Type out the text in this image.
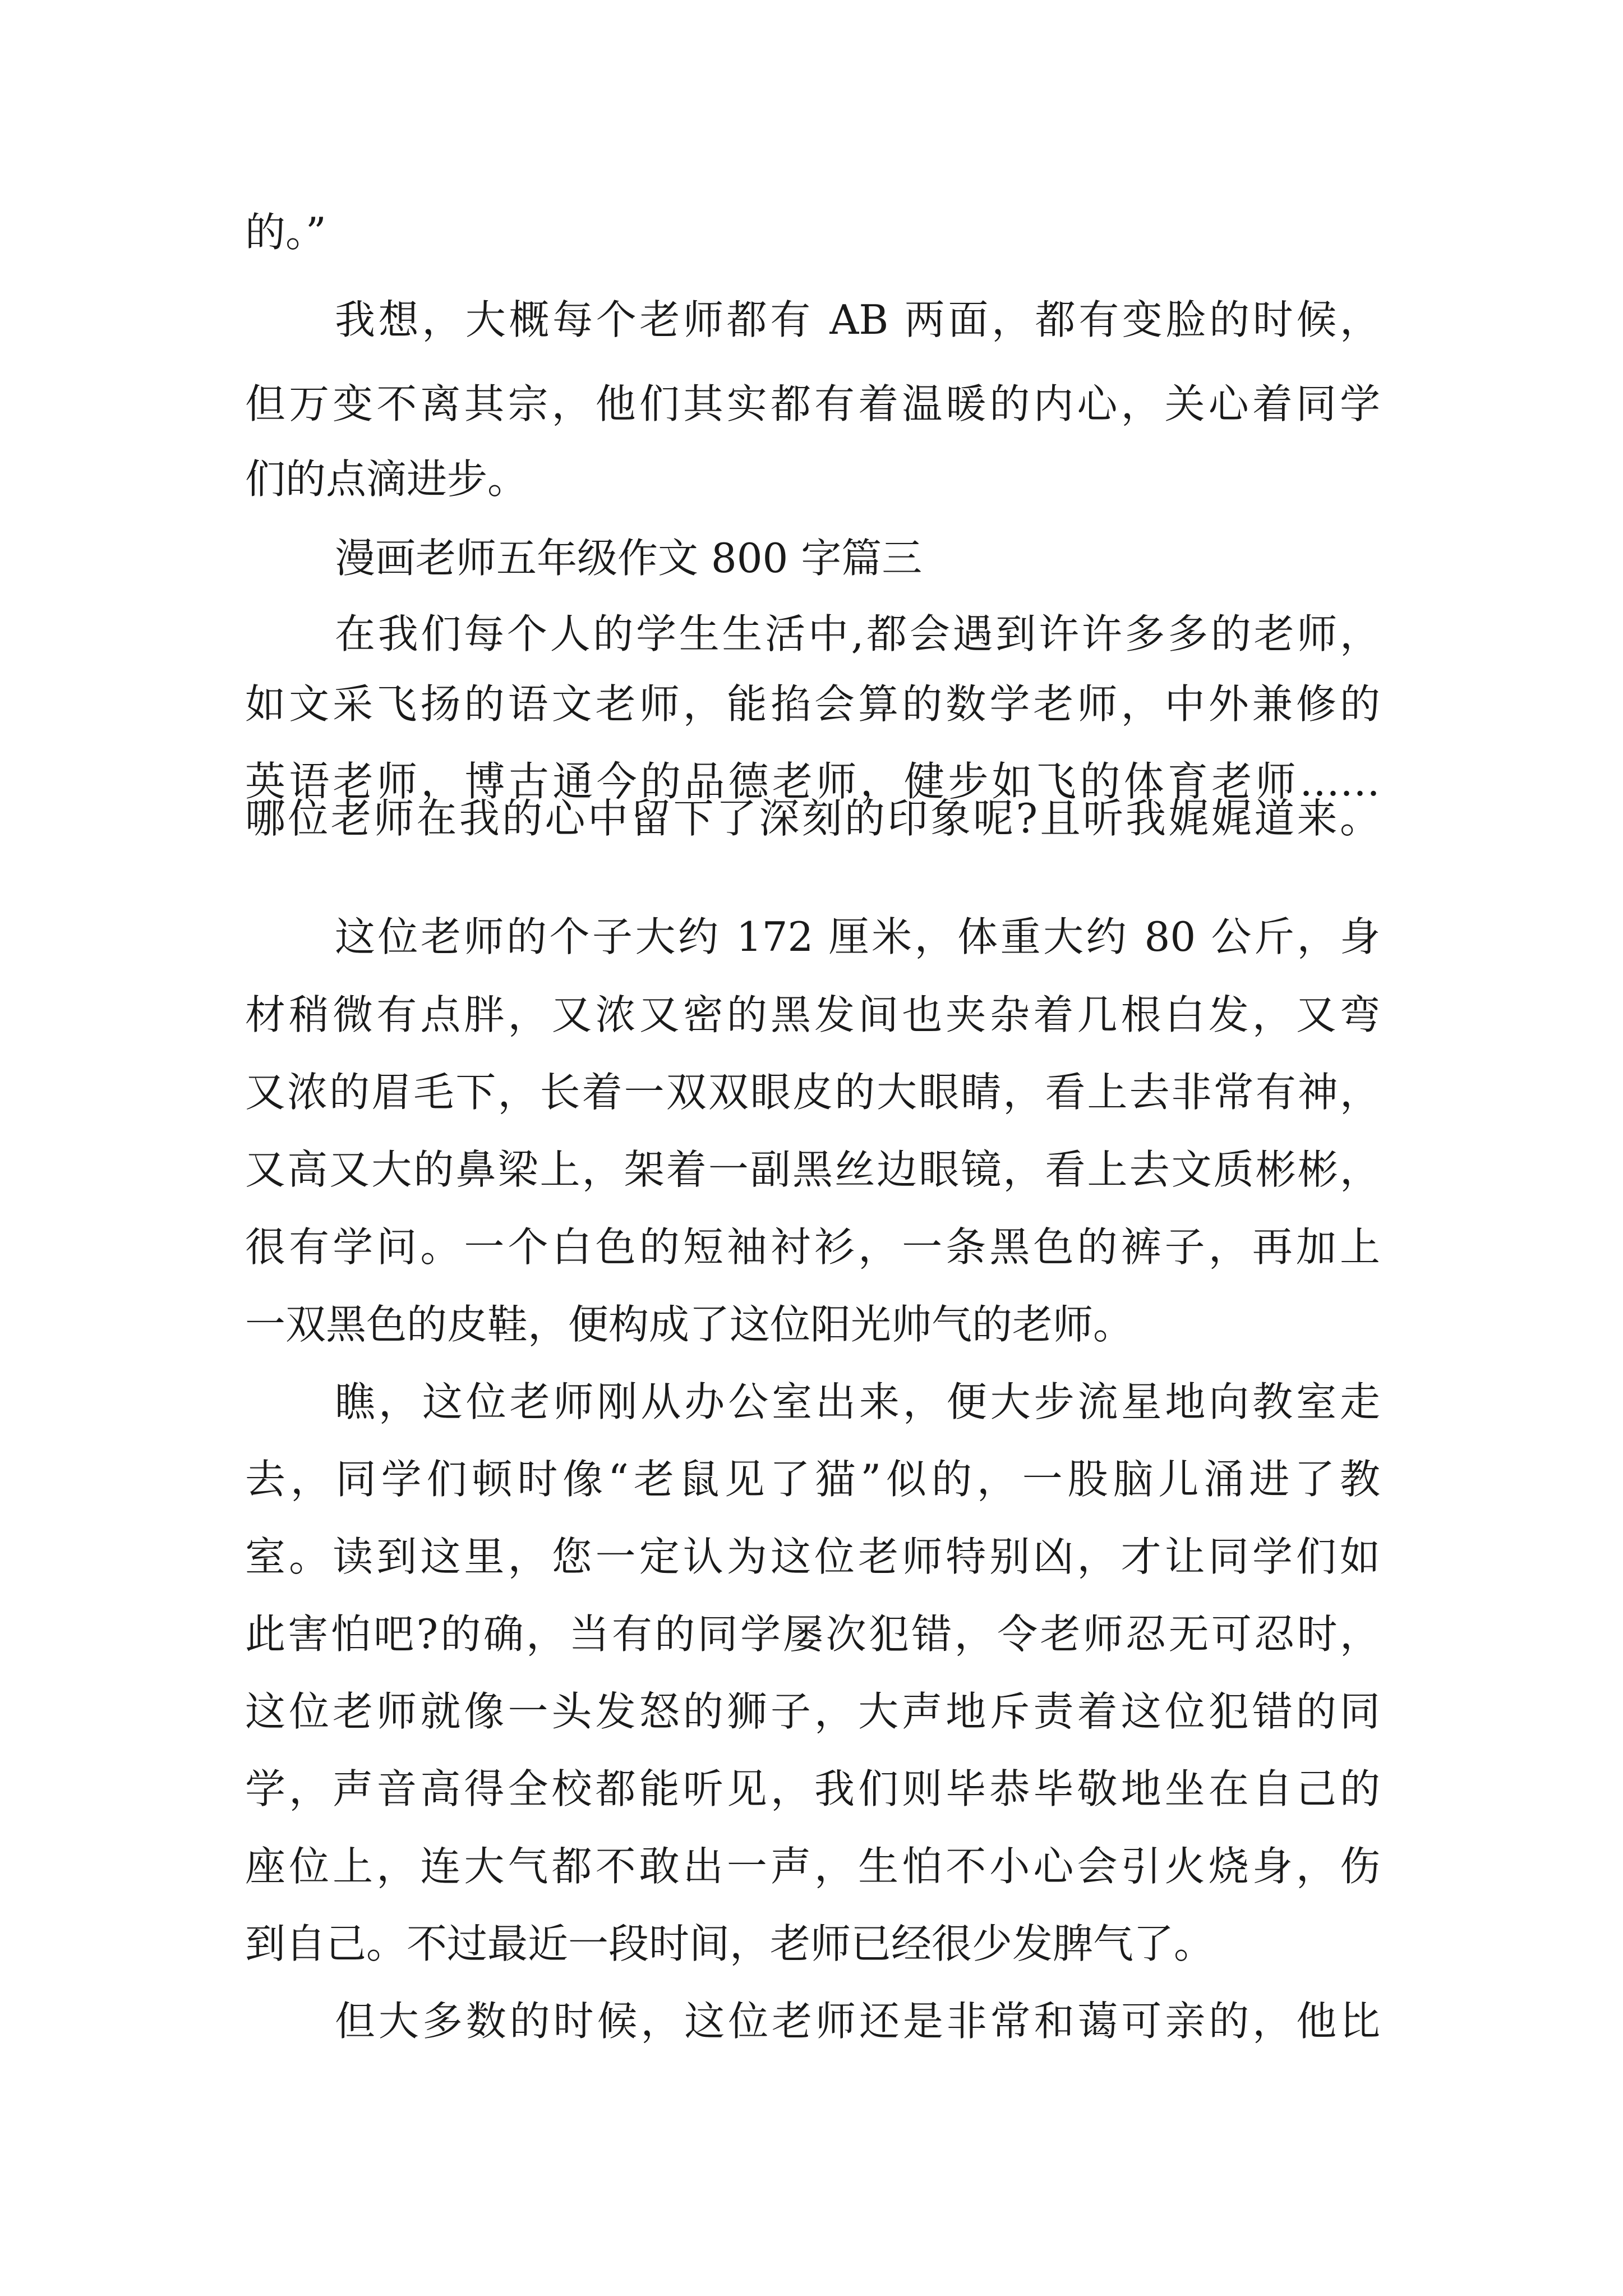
的。”
我想，大概每个老师都有 AB 两面，都有变脸的时候，
但万变不离其宗，他们其实都有着温暖的内心，关心着同学
们的点滴进步。
漫画老师五年级作文 800 字篇三
在我们每个人的学生生活中,都会遇到许许多多的老师，
如文采飞扬的语文老师，能掐会算的数学老师，中外兼修的
英语老师，博古通今的品德老师，健步如飞的体育老师……
哪位老师在我的心中留下了深刻的印象呢?且听我娓娓道来。
这位老师的个子大约 172 厘米，体重大约 80 公斤，身
材稍微有点胖，又浓又密的黑发间也夹杂着几根白发，又弯
又浓的眉毛下，长着一双双眼皮的大眼睛，看上去非常有神，
又高又大的鼻梁上，架着一副黑丝边眼镜，看上去文质彬彬，
很有学问。一个白色的短袖衬衫，一条黑色的裤子，再加上
一双黑色的皮鞋，便构成了这位阳光帅气的老师。
瞧，这位老师刚从办公室出来，便大步流星地向教室走
去，同学们顿时像“老鼠见了猫”似的，一股脑儿涌进了教
室。读到这里，您一定认为这位老师特别凶，才让同学们如
此害怕吧?的确，当有的同学屡次犯错，令老师忍无可忍时，
这位老师就像一头发怒的狮子，大声地斥责着这位犯错的同
学，声音高得全校都能听见，我们则毕恭毕敬地坐在自己的
座位上，连大气都不敢出一声，生怕不小心会引火烧身，伤
到自己。不过最近一段时间，老师已经很少发脾气了。
但大多数的时候，这位老师还是非常和蔼可亲的，他比
